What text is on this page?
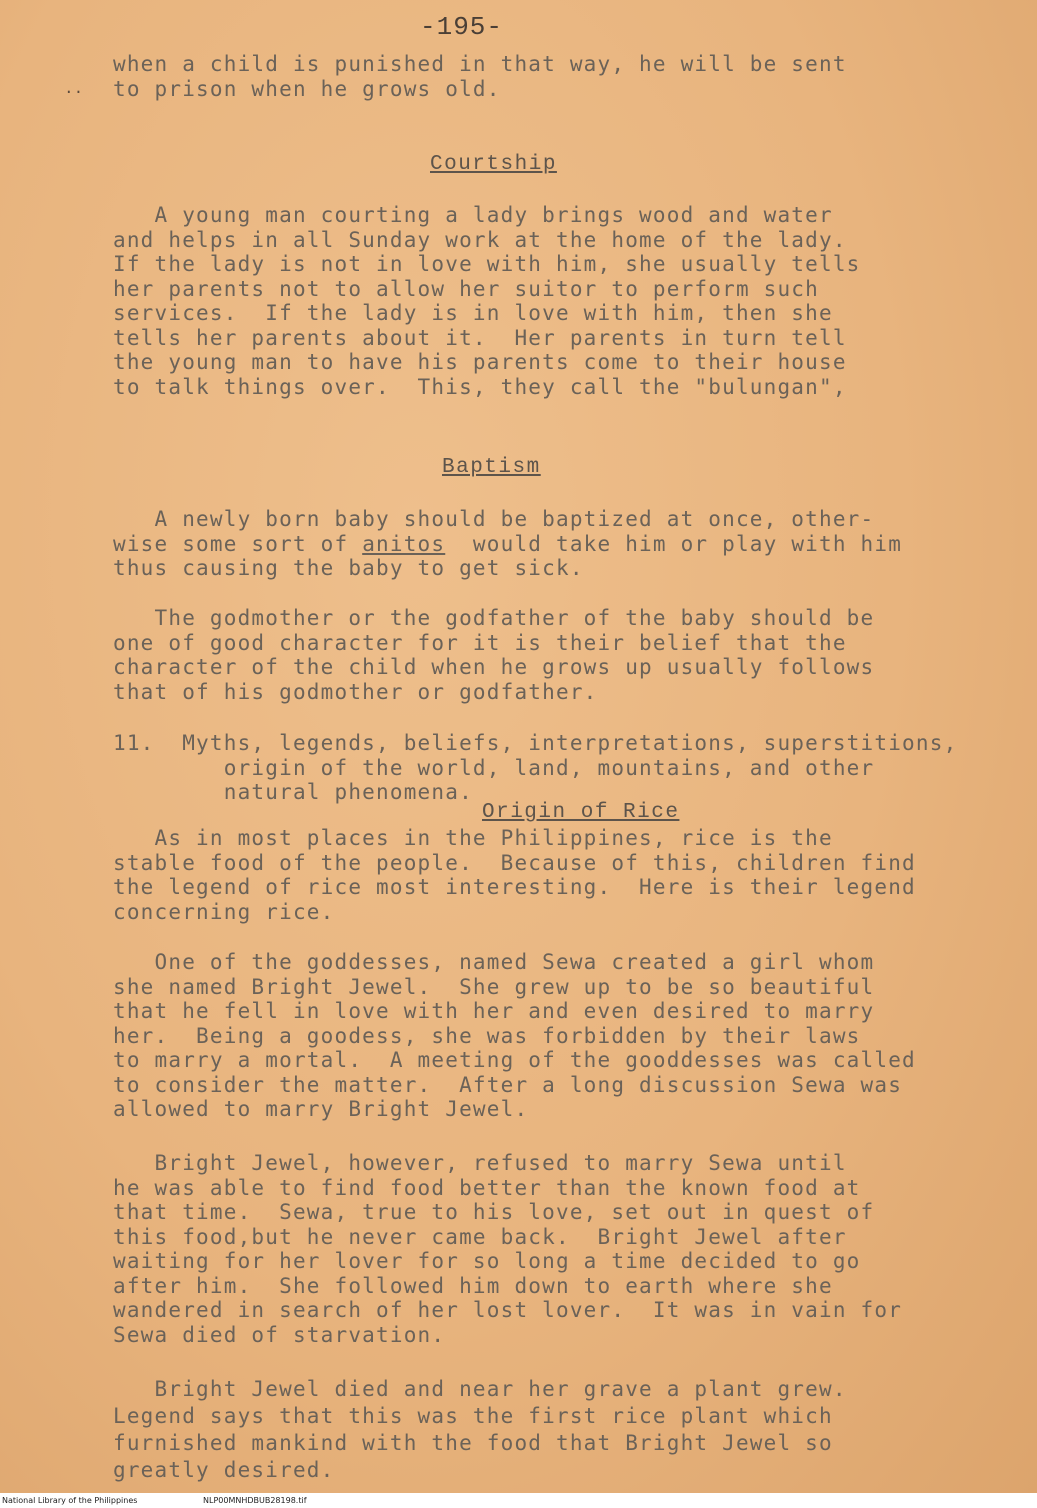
-195-
..
when a child is punished in that way, he will be sent
to prison when he grows old.
Courtship
A young man courting a lady brings wood and water
and helps in all Sunday work at the home of the lady.
If the lady is not in love with him, she usually tells
her parents not to allow her suitor to perform such
services.  If the lady is in love with him, then she
tells her parents about it.  Her parents in turn tell
the young man to have his parents come to their house
to talk things over.  This, they call the "bulungan",
Baptism
A newly born baby should be baptized at once, other-
wise some sort of anitos  would take him or play with him
thus causing the baby to get sick.
The godmother or the godfather of the baby should be
one of good character for it is their belief that the
character of the child when he grows up usually follows
that of his godmother or godfather.
11.  Myths, legends, beliefs, interpretations, superstitions,
origin of the world, land, mountains, and other
natural phenomena.
Origin of Rice
As in most places in the Philippines, rice is the
stable food of the people.  Because of this, children find
the legend of rice most interesting.  Here is their legend
concerning rice.
One of the goddesses, named Sewa created a girl whom
she named Bright Jewel.  She grew up to be so beautiful
that he fell in love with her and even desired to marry
her.  Being a goodess, she was forbidden by their laws
to marry a mortal.  A meeting of the gooddesses was called
to consider the matter.  After a long discussion Sewa was
allowed to marry Bright Jewel.
Bright Jewel, however, refused to marry Sewa until
he was able to find food better than the known food at
that time.  Sewa, true to his love, set out in quest of
this food,but he never came back.  Bright Jewel after
waiting for her lover for so long a time decided to go
after him.  She followed him down to earth where she
wandered in search of her lost lover.  It was in vain for
Sewa died of starvation.
Bright Jewel died and near her grave a plant grew.
Legend says that this was the first rice plant which
furnished mankind with the food that Bright Jewel so
greatly desired.
National Library of the Philippines	NLP00MNHDBUB28198.tif
